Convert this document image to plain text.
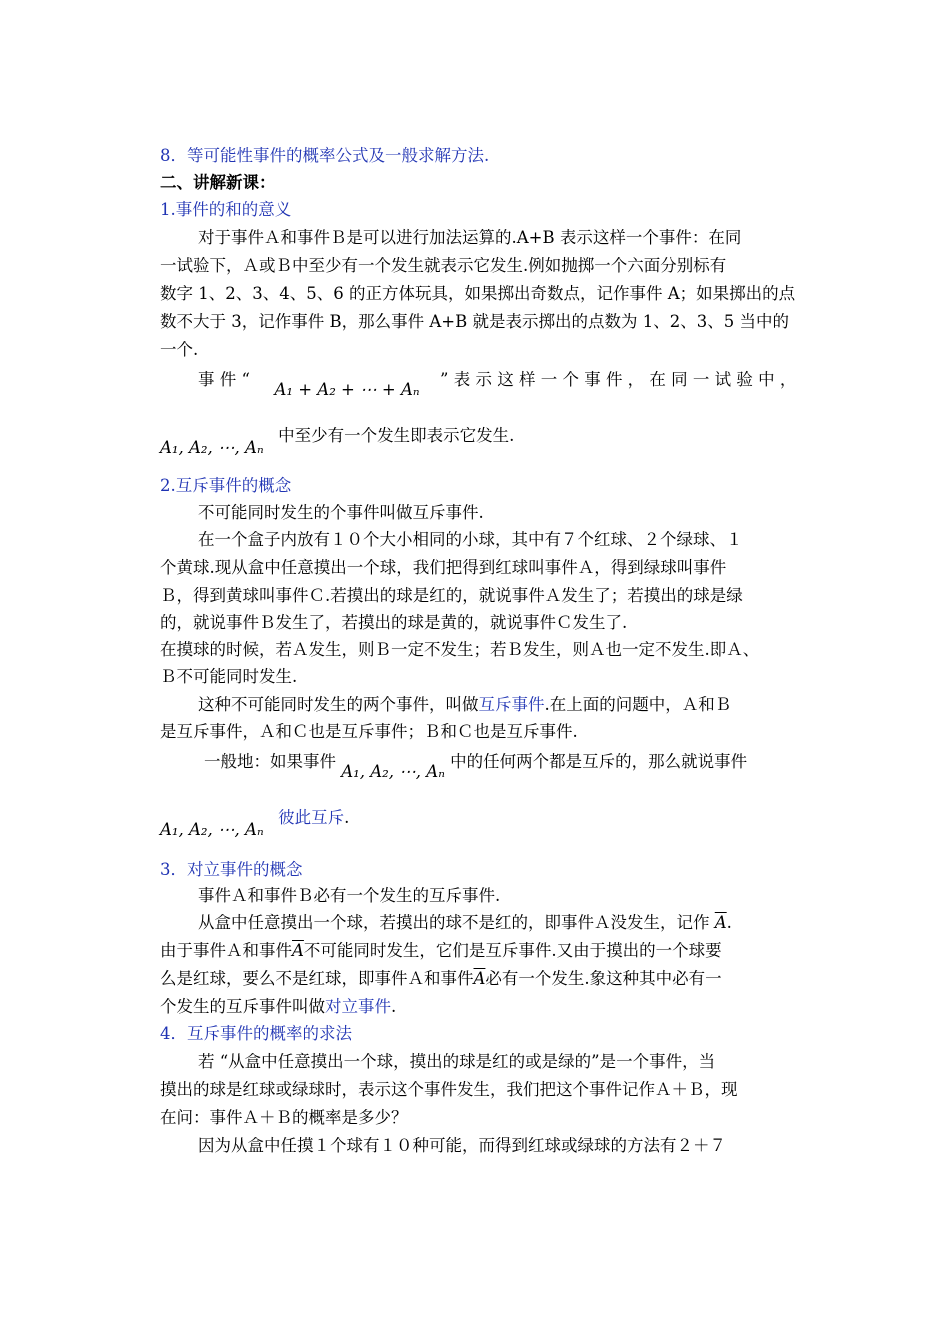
8．等可能性事件的概率公式及一般求解方法.
二、讲解新课：
1.事件的和的意义
对于事件Ａ和事件Ｂ是可以进行加法运算的.A+B 表示这样一个事件：在同
一试验下，Ａ或Ｂ中至少有一个发生就表示它发生.例如抛掷一个六面分别标有
数字 1、2、3、4、5、6 的正方体玩具，如果掷出奇数点，记作事件 A；如果掷出的点
数不大于 3，记作事件 B，那么事件 A+B 就是表示掷出的点数为 1、2、3、5 当中的
一个.
事 件 “  A₁ + A₂ + ⋯ + Aₙ  ” 表 示 这 样 一 个 事 件 ， 在 同 一 试 验 中 ，
A₁, A₂, ⋯, Aₙ  中至少有一个发生即表示它发生.
2.互斥事件的概念
不可能同时发生的个事件叫做互斥事件.
在一个盒子内放有１０个大小相同的小球，其中有７个红球、２个绿球、１
个黄球.现从盒中任意摸出一个球，我们把得到红球叫事件Ａ，得到绿球叫事件
Ｂ，得到黄球叫事件Ｃ.若摸出的球是红的，就说事件Ａ发生了；若摸出的球是绿
的，就说事件Ｂ发生了，若摸出的球是黄的，就说事件Ｃ发生了.
在摸球的时候，若Ａ发生，则Ｂ一定不发生；若Ｂ发生，则Ａ也一定不发生.即Ａ、
Ｂ不可能同时发生.
这种不可能同时发生的两个事件，叫做互斥事件.在上面的问题中，Ａ和Ｂ
是互斥事件，Ａ和Ｃ也是互斥事件；Ｂ和Ｃ也是互斥事件.
一般地：如果事件 A₁, A₂, ⋯, Aₙ 中的任何两个都是互斥的，那么就说事件
A₁, A₂, ⋯, Aₙ  彼此互斥.
3．对立事件的概念
事件Ａ和事件Ｂ必有一个发生的互斥事件.
从盒中任意摸出一个球，若摸出的球不是红的，即事件Ａ没发生，记作 $\overline{A}$.
由于事件Ａ和事件$\overline{A}$不可能同时发生，它们是互斥事件.又由于摸出的一个球要
么是红球，要么不是红球，即事件Ａ和事件$\overline{A}$必有一个发生.象这种其中必有一
个发生的互斥事件叫做对立事件.
4．互斥事件的概率的求法
若 “从盒中任意摸出一个球，摸出的球是红的或是绿的”是一个事件，当
摸出的球是红球或绿球时，表示这个事件发生，我们把这个事件记作Ａ＋Ｂ，现
在问：事件Ａ＋Ｂ的概率是多少？
因为从盒中任摸１个球有１０种可能，而得到红球或绿球的方法有２＋７
